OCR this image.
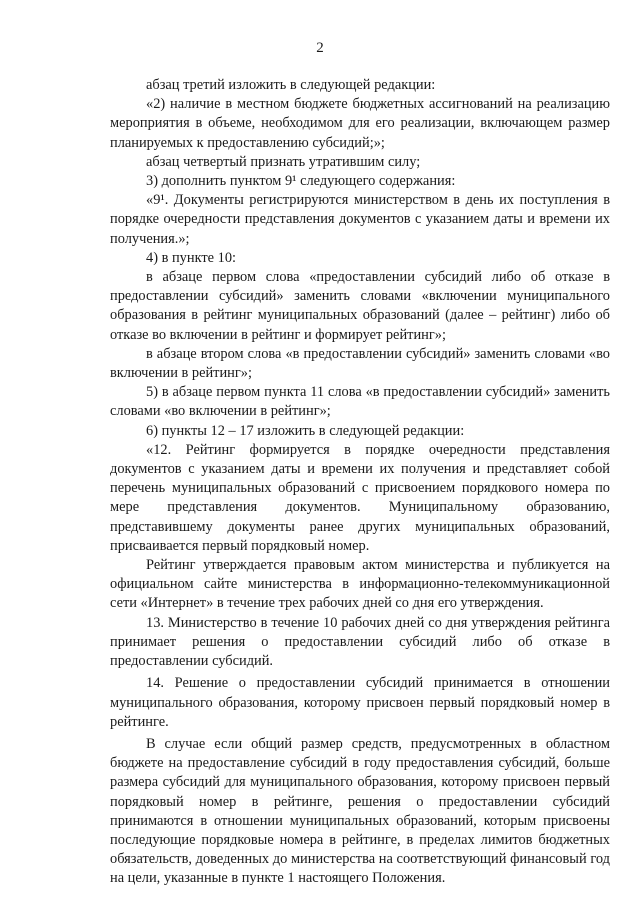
2

абзац третий изложить в следующей редакции:

«2) наличие в местном бюджете бюджетных ассигнований на реализацию мероприятия в объеме, необходимом для его реализации, включающем размер планируемых к предоставлению субсидий;»;

абзац четвертый признать утратившим силу;

3) дополнить пунктом 9¹ следующего содержания:

«9¹. Документы регистрируются министерством в день их поступления в порядке очередности представления документов с указанием даты и времени их получения.»;

4) в пункте 10:

в абзаце первом слова «предоставлении субсидий либо об отказе в предоставлении субсидий» заменить словами «включении муниципального образования в рейтинг муниципальных образований (далее – рейтинг) либо об отказе во включении в рейтинг и формирует рейтинг»;

в абзаце втором слова «в предоставлении субсидий» заменить словами «во включении в рейтинг»;

5) в абзаце первом пункта 11 слова «в предоставлении субсидий» заменить словами «во включении в рейтинг»;

6) пункты 12 – 17 изложить в следующей редакции:

«12. Рейтинг формируется в порядке очередности представления документов с указанием даты и времени их получения и представляет собой перечень муниципальных образований с присвоением порядкового номера по мере представления документов. Муниципальному образованию, представившему документы ранее других муниципальных образований, присваивается первый порядковый номер.

Рейтинг утверждается правовым актом министерства и публикуется на официальном сайте министерства в информационно-телекоммуникационной сети «Интернет» в течение трех рабочих дней со дня его утверждения.

13. Министерство в течение 10 рабочих дней со дня утверждения рейтинга принимает решения о предоставлении субсидий либо об отказе в предоставлении субсидий.

14. Решение о предоставлении субсидий принимается в отношении муниципального образования, которому присвоен первый порядковый номер в рейтинге.

В случае если общий размер средств, предусмотренных в областном бюджете на предоставление субсидий в году предоставления субсидий, больше размера субсидий для муниципального образования, которому присвоен первый порядковый номер в рейтинге, решения о предоставлении субсидий принимаются в отношении муниципальных образований, которым присвоены последующие порядковые номера в рейтинге, в пределах лимитов бюджетных обязательств, доведенных до министерства на соответствующий финансовый год на цели, указанные в пункте 1 настоящего Положения.
